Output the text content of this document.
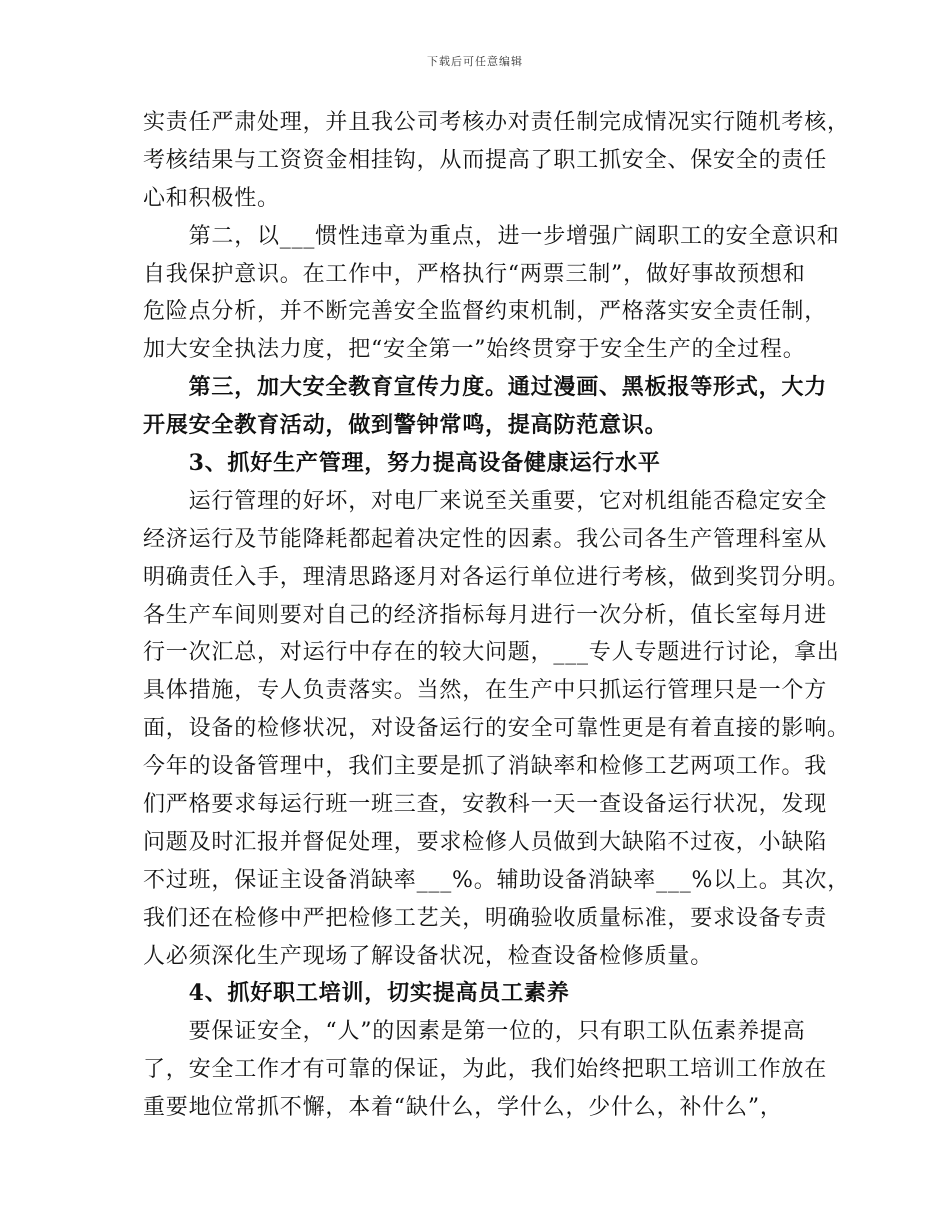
下载后可任意编辑
实责任严肃处理，并且我公司考核办对责任制完成情况实行随机考核，
考核结果与工资资金相挂钩，从而提高了职工抓安全、保安全的责任
心和积极性。
　　第二，以___惯性违章为重点，进一步增强广阔职工的安全意识和
自我保护意识。在工作中，严格执行“两票三制”，做好事故预想和
危险点分析，并不断完善安全监督约束机制，严格落实安全责任制，
加大安全执法力度，把“安全第一”始终贯穿于安全生产的全过程。
　　第三，加大安全教育宣传力度。通过漫画、黑板报等形式，大力
开展安全教育活动，做到警钟常鸣，提高防范意识。
　　3、抓好生产管理，努力提高设备健康运行水平
　　运行管理的好坏，对电厂来说至关重要，它对机组能否稳定安全
经济运行及节能降耗都起着决定性的因素。我公司各生产管理科室从
明确责任入手，理清思路逐月对各运行单位进行考核，做到奖罚分明。
各生产车间则要对自己的经济指标每月进行一次分析，值长室每月进
行一次汇总，对运行中存在的较大问题，___专人专题进行讨论，拿出
具体措施，专人负责落实。当然，在生产中只抓运行管理只是一个方
面，设备的检修状况，对设备运行的安全可靠性更是有着直接的影响。
今年的设备管理中，我们主要是抓了消缺率和检修工艺两项工作。我
们严格要求每运行班一班三查，安教科一天一查设备运行状况，发现
问题及时汇报并督促处理，要求检修人员做到大缺陷不过夜，小缺陷
不过班，保证主设备消缺率___%。辅助设备消缺率___%以上。其次，
我们还在检修中严把检修工艺关，明确验收质量标准，要求设备专责
人必须深化生产现场了解设备状况，检查设备检修质量。
　　4、抓好职工培训，切实提高员工素养
　　要保证安全，“人”的因素是第一位的，只有职工队伍素养提高
了，安全工作才有可靠的保证，为此，我们始终把职工培训工作放在
重要地位常抓不懈，本着“缺什么，学什么，少什么，补什么”，
